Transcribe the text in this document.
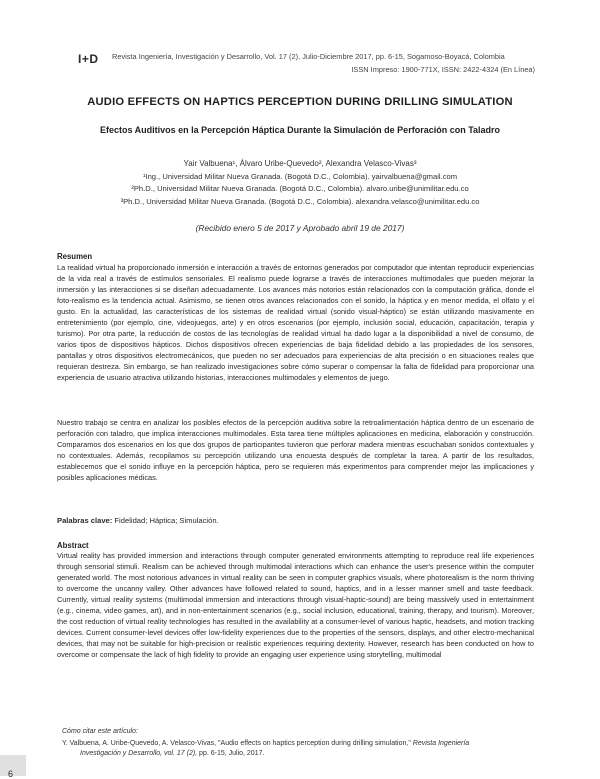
I+D Revista Ingeniería, Investigación y Desarrollo, Vol. 17 (2), Julio-Diciembre 2017, pp. 6-15, Sogamoso-Boyacá, Colombia
ISSN Impreso: 1900-771X, ISSN: 2422-4324 (En Línea)
AUDIO EFFECTS ON HAPTICS PERCEPTION DURING DRILLING SIMULATION
Efectos Auditivos en la Percepción Háptica Durante la Simulación de Perforación con Taladro
Yair Valbuena¹, Álvaro Uribe-Quevedo², Alexandra Velasco-Vivas³
¹Ing., Universidad Militar Nueva Granada. (Bogotá D.C., Colombia). yairvalbuena@gmail.com
²Ph.D., Universidad Militar Nueva Granada. (Bogotá D.C., Colombia). alvaro.uribe@unimilitar.edu.co
³Ph.D., Universidad Militar Nueva Granada. (Bogotá D.C., Colombia). alexandra.velasco@unimilitar.edu.co
(Recibido enero 5 de 2017 y Aprobado abril 19 de 2017)
Resumen
La realidad virtual ha proporcionado inmersión e interacción a través de entornos generados por computador que intentan reproducir experiencias de la vida real a través de estímulos sensoriales. El realismo puede lograrse a través de interacciones multimodales que pueden mejorar la inmersión y las interacciones si se diseñan adecuadamente. Los avances más notorios están relacionados con la computación gráfica, donde el foto-realismo es la tendencia actual. Asimismo, se tienen otros avances relacionados con el sonido, la háptica y en menor medida, el olfato y el gusto. En la actualidad, las características de los sistemas de realidad virtual (sonido visual-háptico) se están utilizando masivamente en entretenimiento (por ejemplo, cine, videojuegos, arte) y en otros escenarios (por ejemplo, inclusión social, educación, capacitación, terapia y turismo). Por otra parte, la reducción de costos de las tecnologías de realidad virtual ha dado lugar a la disponibilidad a nivel de consumo, de varios tipos de dispositivos hápticos. Dichos dispositivos ofrecen experiencias de baja fidelidad debido a las propiedades de los sensores, pantallas y otros dispositivos electromecánicos, que pueden no ser adecuados para experiencias de alta precisión o en situaciones reales que requieran destreza. Sin embargo, se han realizado investigaciones sobre cómo superar o compensar la falta de fidelidad para proporcionar una experiencia de usuario atractiva utilizando historias, interacciones multimodales y elementos de juego.
Nuestro trabajo se centra en analizar los posibles efectos de la percepción auditiva sobre la retroalimentación háptica dentro de un escenario de perforación con taladro, que implica interacciones multimodales. Esta tarea tiene múltiples aplicaciones en medicina, elaboración y construcción. Comparamos dos escenarios en los que dos grupos de participantes tuvieron que perforar madera mientras escuchaban sonidos contextuales y no contextuales. Además, recopilamos su percepción utilizando una encuesta después de completar la tarea. A partir de los resultados, establecemos que el sonido influye en la percepción háptica, pero se requieren más experimentos para comprender mejor las implicaciones y posibles aplicaciones médicas.
Palabras clave: Fidelidad; Háptica; Simulación.
Abstract
Virtual reality has provided immersion and interactions through computer generated environments attempting to reproduce real life experiences through sensorial stimuli. Realism can be achieved through multimodal interactions which can enhance the user's presence within the computer generated world. The most notorious advances in virtual reality can be seen in computer graphics visuals, where photorealism is the norm thriving to overcome the uncanny valley. Other advances have followed related to sound, haptics, and in a lesser manner smell and taste feedback. Currently, virtual reality systems (multimodal immersion and interactions through visual-haptic-sound) are being massively used in entertainment (e.g., cinema, video games, art), and in non-entertainment scenarios (e.g., social inclusion, educational, training, therapy, and tourism). Moreover, the cost reduction of virtual reality technologies has resulted in the availability at a consumer-level of various haptic, headsets, and motion tracking devices. Current consumer-level devices offer low-fidelity experiences due to the properties of the sensors, displays, and other electro-mechanical devices, that may not be suitable for high-precision or realistic experiences requiring dexterity. However, research has been conducted on how to overcome or compensate the lack of high fidelity to provide an engaging user experience using storytelling, multimodal
Cómo citar este artículo:
Y. Valbuena, A. Uribe-Quevedo, A. Velasco-Vivas, "Audio effects on haptics perception during drilling simulation," Revista Ingeniería
Investigación y Desarrollo, vol. 17 (2), pp. 6-15, Julio, 2017.
6
